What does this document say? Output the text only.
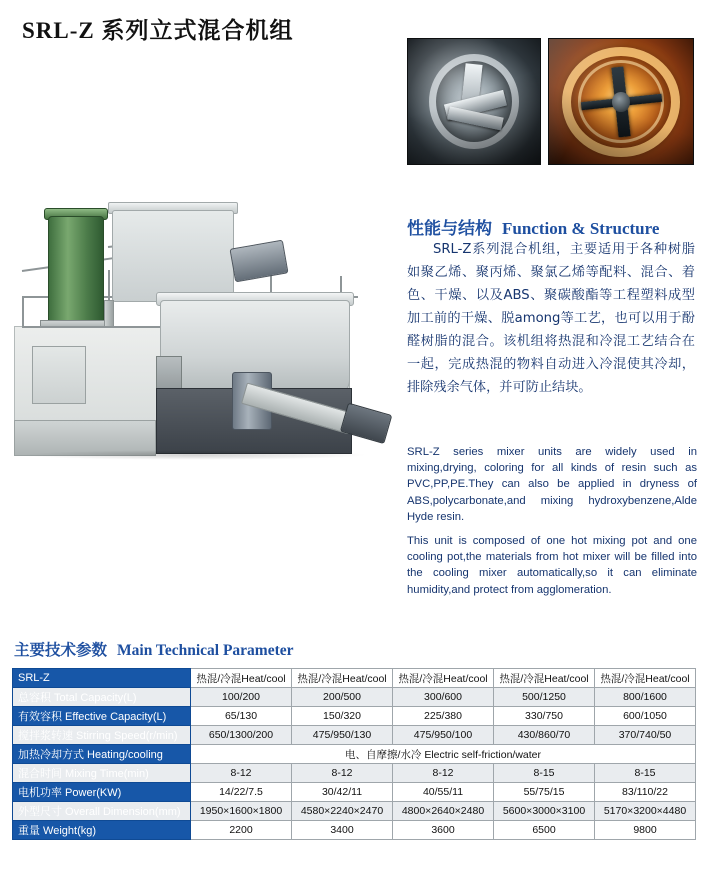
SRL-Z 系列立式混合机组
性能与结构 Function & Structure
SRL-Z系列混合机组，主要适用于各种树脂如聚乙烯、聚丙烯、聚氯乙烯等配料、混合、着色、干燥、以及ABS、聚碳酸酯等工程塑料成型加工前的干燥、脱among等工艺，也可以用于酚醛树脂的混合。该机组将热混和冷混工艺结合在一起，完成热混的物料自动进入冷混使其冷却，排除残余气体，并可防止结块。

SRL-Z series mixer units are widely used in mixing,drying, coloring for all kinds of resin such as PVC,PP,PE.They can also be applied in dryness of ABS,polycarbonate,and mixing hydroxybenzene,Alde Hyde resin.

This unit is composed of one hot mixing pot and one cooling pot,the materials from hot mixer will be filled into the cooling mixer automatically,so it can eliminate humidity,and protect from agglomeration.

主要技术参数 Main Technical Parameter
SRL-Z	热混/冷混Heat/cool	热混/冷混Heat/cool	热混/冷混Heat/cool	热混/冷混Heat/cool	热混/冷混Heat/cool
总容积 Total Capacity(L)	100/200	200/500	300/600	500/1250	800/1600
有效容积 Effective Capacity(L)	65/130	150/320	225/380	330/750	600/1050
搅拌浆转速 Stirring Speed(r/min)	650/1300/200	475/950/130	475/950/100	430/860/70	370/740/50
加热冷却方式 Heating/cooling	电、自摩擦/水冷 Electric self-friction/water				
混合时间 Mixing Time(min)	8-12	8-12	8-12	8-15	8-15
电机功率 Power(KW)	14/22/7.5	30/42/11	40/55/11	55/75/15	83/110/22
外型尺寸 Overall Dimension(mm)	1950×1600×1800	4580×2240×2470	4800×2640×2480	5600×3000×3100	5170×3200×4480
重量 Weight(kg)	2200	3400	3600	6500	9800
